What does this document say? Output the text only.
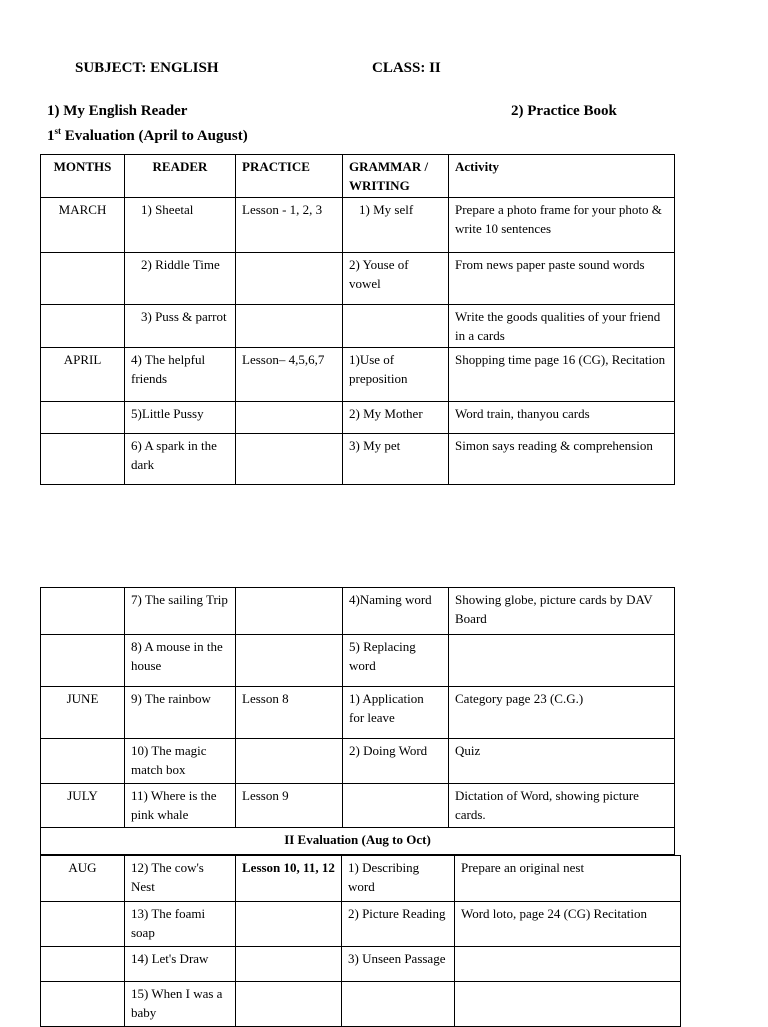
SUBJECT: ENGLISH	CLASS: II
1) My English Reader	2) Practice Book
1st Evaluation (April to August)
MONTHS	READER	PRACTICE	GRAMMAR / WRITING	Activity
MARCH	1) Sheetal	Lesson - 1, 2, 3	1) My self	Prepare a photo frame for your photo & write 10 sentences
	2) Riddle Time		2) Youse of vowel	From news paper paste sound words
	3) Puss & parrot			Write the goods qualities of your friend in a cards
APRIL	4) The helpful friends	Lesson– 4,5,6,7	1)Use of preposition	Shopping time page 16 (CG), Recitation
	5)Little Pussy		2) My Mother	Word train, thanyou cards
	6) A spark in the dark		3) My pet	Simon says reading & comprehension
	7) The sailing Trip		4)Naming word	Showing globe, picture cards by DAV Board
	8) A mouse in the house		5) Replacing word	
JUNE	9) The rainbow	Lesson 8	1) Application for leave	Category page 23 (C.G.)
	10) The magic match box		2) Doing Word	Quiz
JULY	11) Where is the pink whale	Lesson 9		Dictation of Word, showing picture cards.
II Evaluation (Aug to Oct)				
AUG	12) The cow's Nest	Lesson 10, 11, 12	1) Describing word	Prepare an original nest
	13) The foami soap		2) Picture Reading	Word loto, page 24 (CG) Recitation
	14) Let's Draw		3) Unseen Passage	
	15) When I was a baby			
